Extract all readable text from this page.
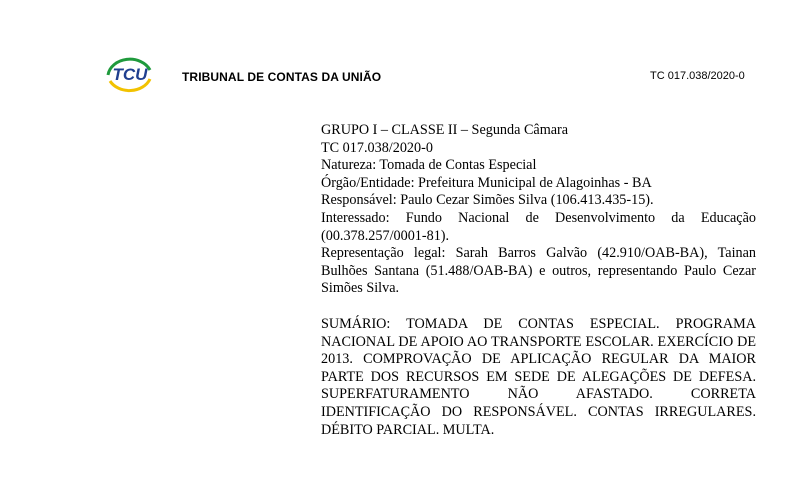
TCU	TRIBUNAL DE CONTAS DA UNIÃO	TC 017.038/2020-0
GRUPO I – CLASSE II – Segunda Câmara
TC 017.038/2020-0
Natureza: Tomada de Contas Especial
Órgão/Entidade: Prefeitura Municipal de Alagoinhas - BA
Responsável: Paulo Cezar Simões Silva (106.413.435-15).
Interessado: Fundo Nacional de Desenvolvimento da Educação (00.378.257/0001-81).
Representação legal: Sarah Barros Galvão (42.910/OAB-BA), Tainan Bulhões Santana (51.488/OAB-BA) e outros, representando Paulo Cezar Simões Silva.
SUMÁRIO: TOMADA DE CONTAS ESPECIAL. PROGRAMA NACIONAL DE APOIO AO TRANSPORTE ESCOLAR. EXERCÍCIO DE 2013. COMPROVAÇÃO DE APLICAÇÃO REGULAR DA MAIOR PARTE DOS RECURSOS EM SEDE DE ALEGAÇÕES DE DEFESA. SUPERFATURAMENTO NÃO AFASTADO. CORRETA IDENTIFICAÇÃO DO RESPONSÁVEL. CONTAS IRREGULARES. DÉBITO PARCIAL. MULTA.
